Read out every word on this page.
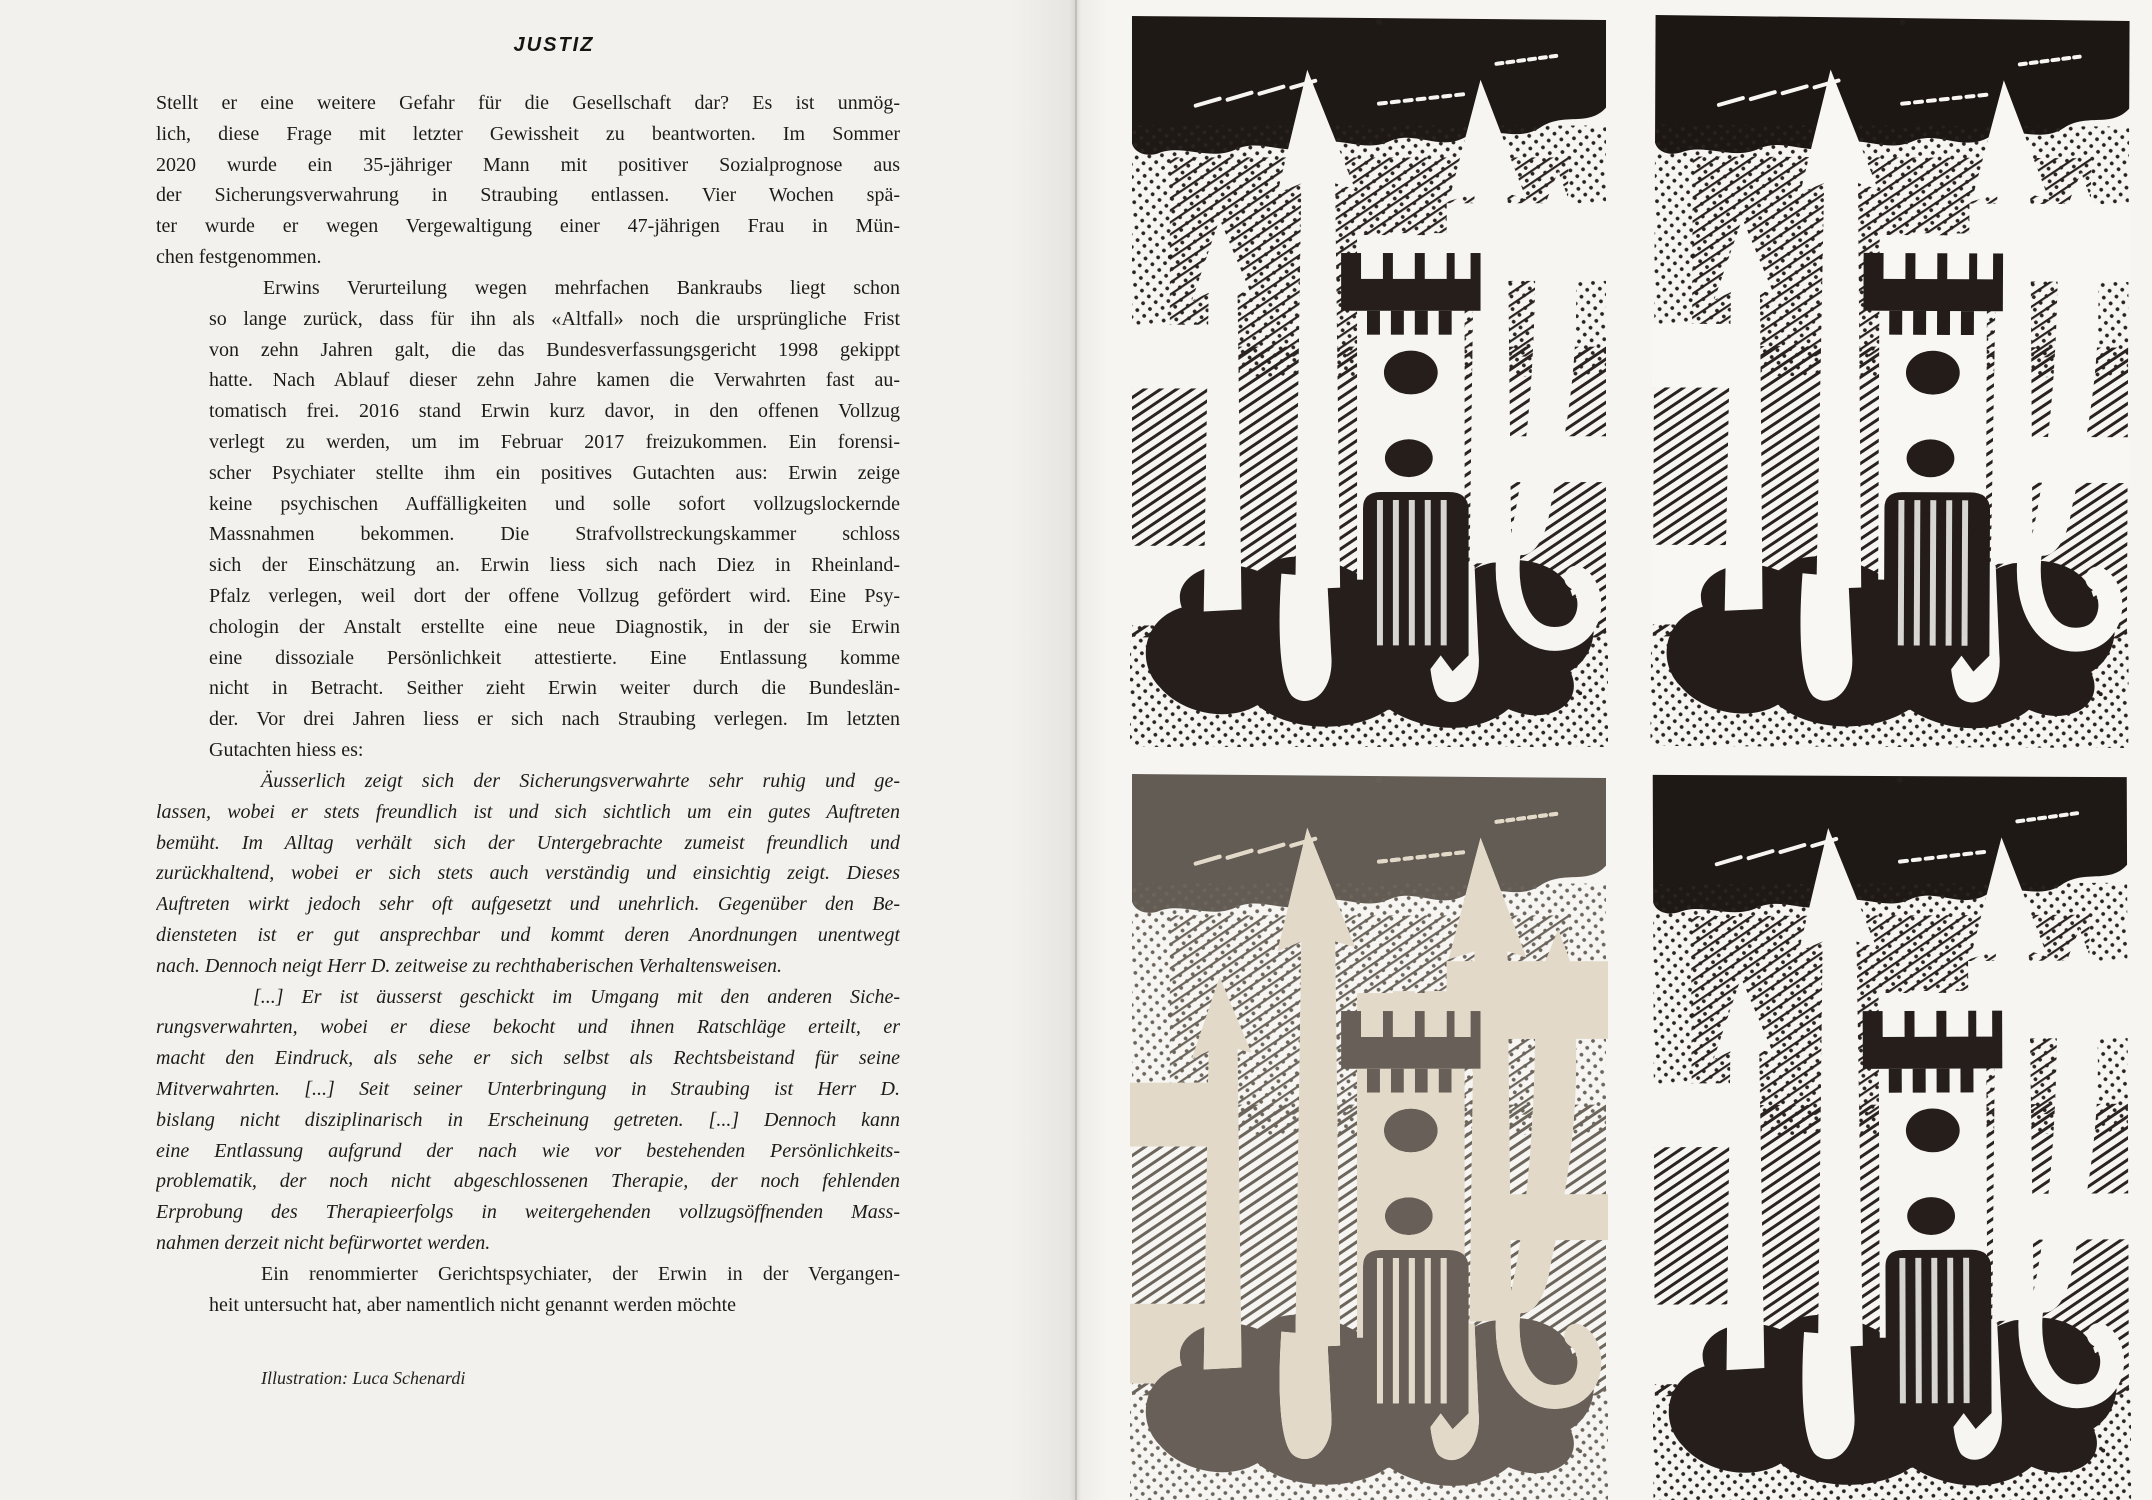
JUSTIZ
Stellt er eine weitere Gefahr für die Gesellschaft dar? Es ist unmög-
lich, diese Frage mit letzter Gewissheit zu beantworten. Im Sommer
2020 wurde ein 35-jähriger Mann mit positiver Sozialprognose aus
der Sicherungsverwahrung in Straubing entlassen. Vier Wochen spä-
ter wurde er wegen Vergewaltigung einer 47-jährigen Frau in Mün-
chen festgenommen.
Erwins Verurteilung wegen mehrfachen Bankraubs liegt schon
so lange zurück, dass für ihn als «Altfall» noch die ursprüngliche Frist
von zehn Jahren galt, die das Bundesverfassungsgericht 1998 gekippt
hatte. Nach Ablauf dieser zehn Jahre kamen die Verwahrten fast au-
tomatisch frei. 2016 stand Erwin kurz davor, in den offenen Vollzug
verlegt zu werden, um im Februar 2017 freizukommen. Ein forensi-
scher Psychiater stellte ihm ein positives Gutachten aus: Erwin zeige
keine psychischen Auffälligkeiten und solle sofort vollzugslockernde
Massnahmen bekommen. Die Strafvollstreckungskammer schloss
sich der Einschätzung an. Erwin liess sich nach Diez in Rheinland-
Pfalz verlegen, weil dort der offene Vollzug gefördert wird. Eine Psy-
chologin der Anstalt erstellte eine neue Diagnostik, in der sie Erwin
eine dissoziale Persönlichkeit attestierte. Eine Entlassung komme
nicht in Betracht. Seither zieht Erwin weiter durch die Bundeslän-
der. Vor drei Jahren liess er sich nach Straubing verlegen. Im letzten
Gutachten hiess es:
Äusserlich zeigt sich der Sicherungsverwahrte sehr ruhig und ge-
lassen, wobei er stets freundlich ist und sich sichtlich um ein gutes Auftreten
bemüht. Im Alltag verhält sich der Untergebrachte zumeist freundlich und
zurückhaltend, wobei er sich stets auch verständig und einsichtig zeigt. Dieses
Auftreten wirkt jedoch sehr oft aufgesetzt und unehrlich. Gegenüber den Be-
diensteten ist er gut ansprechbar und kommt deren Anordnungen unentwegt
nach. Dennoch neigt Herr D. zeitweise zu rechthaberischen Verhaltensweisen.
[...] Er ist äusserst geschickt im Umgang mit den anderen Siche-
rungsverwahrten, wobei er diese bekocht und ihnen Ratschläge erteilt, er
macht den Eindruck, als sehe er sich selbst als Rechtsbeistand für seine
Mitverwahrten. [...] Seit seiner Unterbringung in Straubing ist Herr D.
bislang nicht disziplinarisch in Erscheinung getreten. [...] Dennoch kann
eine Entlassung aufgrund der nach wie vor bestehenden Persönlichkeits-
problematik, der noch nicht abgeschlossenen Therapie, der noch fehlenden
Erprobung des Therapieerfolgs in weitergehenden vollzugsöffnenden Mass-
nahmen derzeit nicht befürwortet werden.
Ein renommierter Gerichtspsychiater, der Erwin in der Vergangen-
heit untersucht hat, aber namentlich nicht genannt werden möchte
Illustration: Luca Schenardi
